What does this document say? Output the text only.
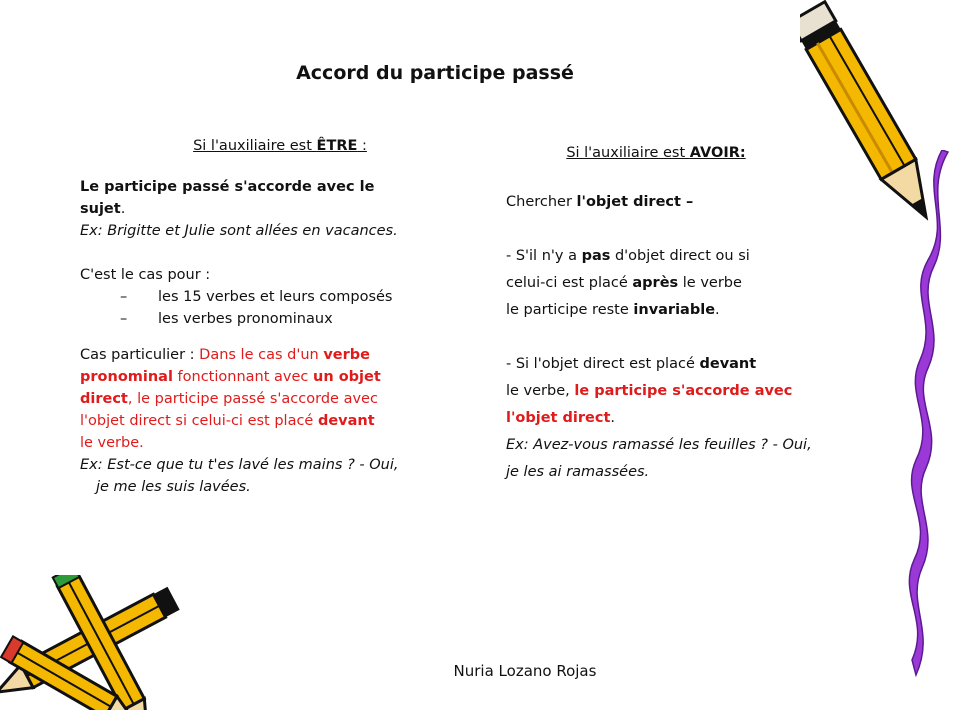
Accord du participe passé

Si l'auxiliaire est ÊTRE :

Le participe passé s'accorde avec le

sujet.

Ex: Brigitte et Julie sont allées en vacances.

C'est le cas pour :

– les 15 verbes et leurs composés
– les verbes pronominaux

Cas particulier : Dans le cas d'un verbe

pronominal fonctionnant avec un objet

direct, le participe passé s'accorde avec

l'objet direct si celui-ci est placé devant

le verbe.

Ex: Est-ce que tu t'es lavé les mains ? - Oui,

je me les suis lavées.

Si l'auxiliaire est AVOIR:

Chercher l'objet direct –

- S'il n'y a pas d'objet direct ou si

celui-ci est placé après le verbe

le participe reste invariable.

- Si l'objet direct est placé devant

le verbe, le participe s'accorde avec

l'objet direct.

Ex: Avez-vous ramassé les feuilles ? - Oui,

je les ai ramassées.

Nuria Lozano Rojas
